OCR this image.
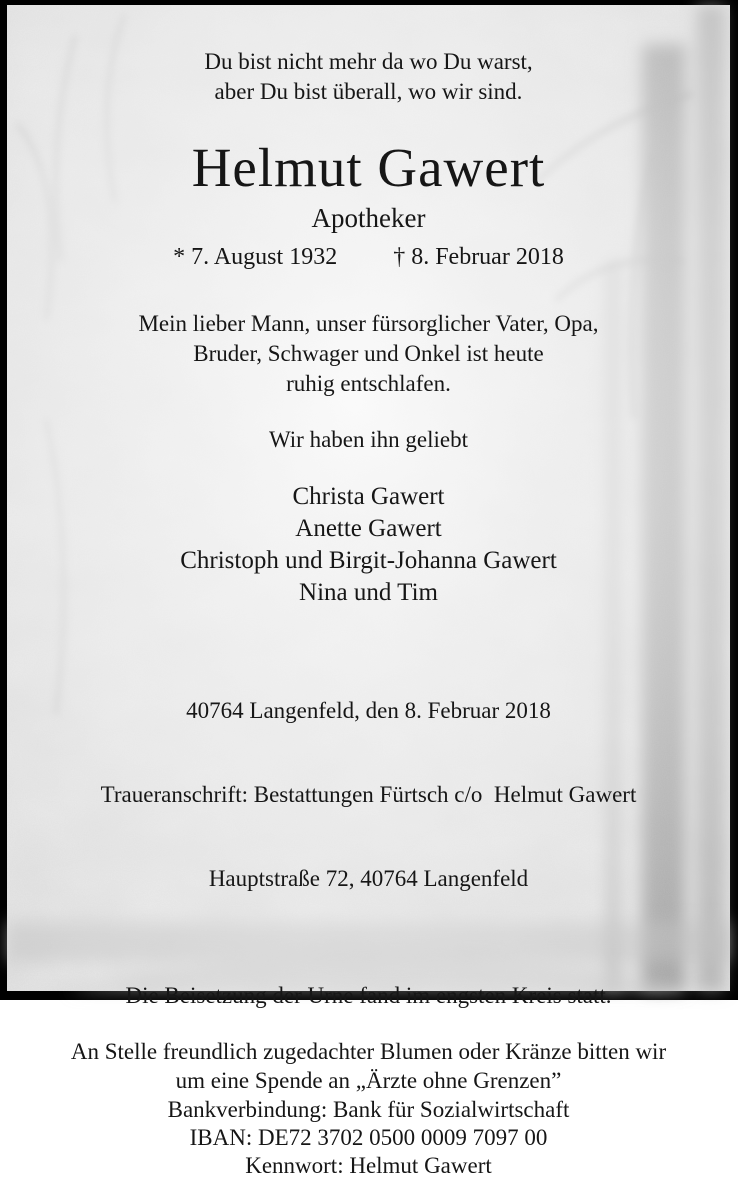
Du bist nicht mehr da wo Du warst,
aber Du bist überall, wo wir sind.
Helmut Gawert
Apotheker
* 7. August 1932 † 8. Februar 2018
Mein lieber Mann, unser fürsorglicher Vater, Opa,
Bruder, Schwager und Onkel ist heute
ruhig entschlafen.
Wir haben ihn geliebt
Christa Gawert
Anette Gawert
Christoph und Birgit-Johanna Gawert
Nina und Tim

40764 Langenfeld, den 8. Februar 2018

Traueranschrift: Bestattungen Fürtsch c/o  Helmut Gawert

Hauptstraße 72, 40764 Langenfeld

Die Beisetzung der Urne fand im engsten Kreis statt.
An Stelle freundlich zugedachter Blumen oder Kränze bitten wir
um eine Spende an „Ärzte ohne Grenzen”
Bankverbindung: Bank für Sozialwirtschaft
IBAN: DE72 3702 0500 0009 7097 00
Kennwort: Helmut Gawert
